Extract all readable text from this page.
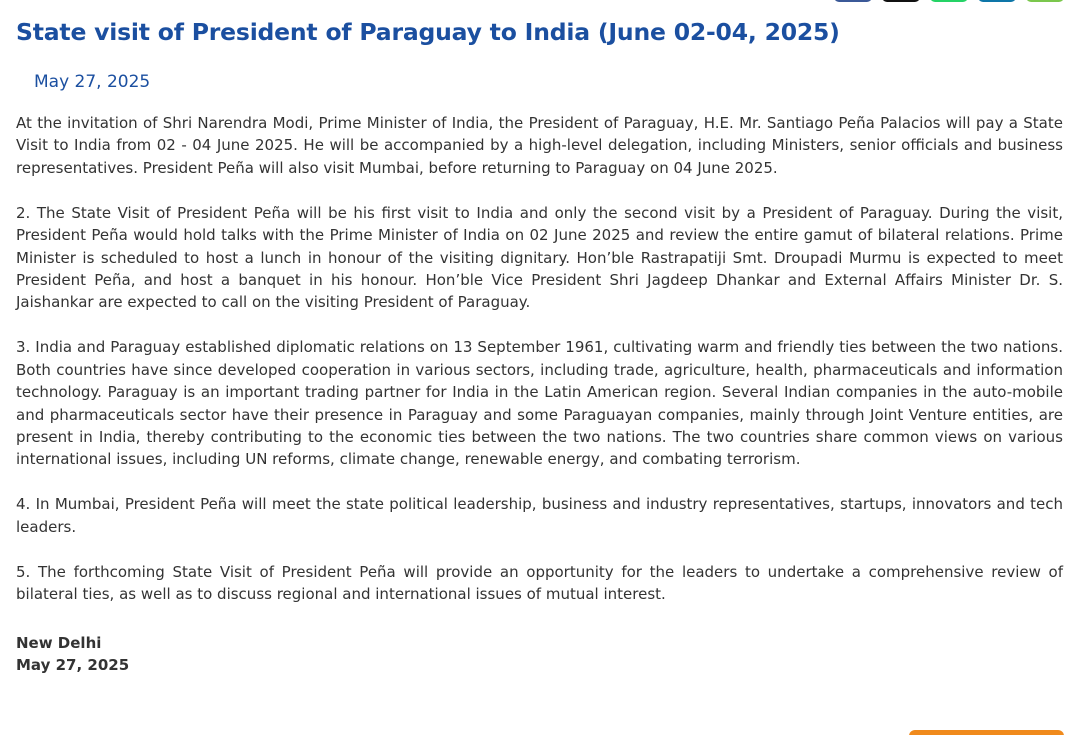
State visit of President of Paraguay to India (June 02-04, 2025)
May 27, 2025

At the invitation of Shri Narendra Modi, Prime Minister of India, the President of Paraguay, H.E. Mr. Santiago Peña Palacios will pay a State Visit to India from 02 - 04 June 2025. He will be accompanied by a high-level delegation, including Ministers, senior officials and business representatives. President Peña will also visit Mumbai, before returning to Paraguay on 04 June 2025.

2. The State Visit of President Peña will be his first visit to India and only the second visit by a President of Paraguay. During the visit, President Peña would hold talks with the Prime Minister of India on 02 June 2025 and review the entire gamut of bilateral relations. Prime Minister is scheduled to host a lunch in honour of the visiting dignitary. Hon’ble Rastrapatiji Smt. Droupadi Murmu is expected to meet President Peña, and host a banquet in his honour. Hon’ble Vice President Shri Jagdeep Dhankar and External Affairs Minister Dr. S. Jaishankar are expected to call on the visiting President of Paraguay.

3. India and Paraguay established diplomatic relations on 13 September 1961, cultivating warm and friendly ties between the two nations. Both countries have since developed cooperation in various sectors, including trade, agriculture, health, pharmaceuticals and information technology. Paraguay is an important trading partner for India in the Latin American region. Several Indian companies in the auto-mobile and pharmaceuticals sector have their presence in Paraguay and some Paraguayan companies, mainly through Joint Venture entities, are present in India, thereby contributing to the economic ties between the two nations. The two countries share common views on various international issues, including UN reforms, climate change, renewable energy, and combating terrorism.

4. In Mumbai, President Peña will meet the state political leadership, business and industry representatives, startups, innovators and tech leaders.

5. The forthcoming State Visit of President Peña will provide an opportunity for the leaders to undertake a comprehensive review of bilateral ties, as well as to discuss regional and international issues of mutual interest.

New Delhi
May 27, 2025
